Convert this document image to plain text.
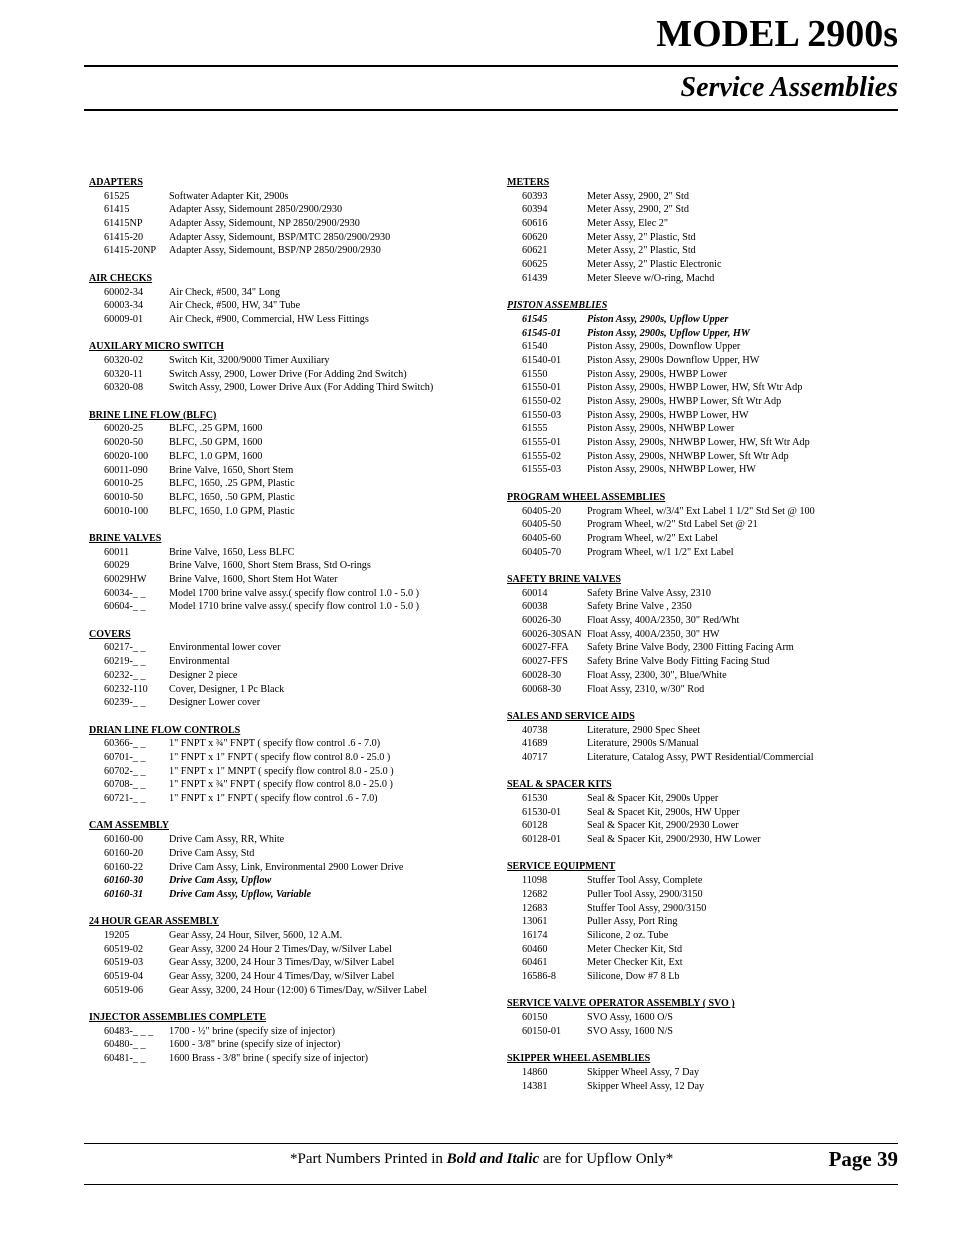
MODEL 2900s
Service Assemblies
ADAPTERS
61525	Softwater Adapter Kit, 2900s
61415	Adapter Assy, Sidemount 2850/2900/2930
61415NP	Adapter Assy, Sidemount, NP 2850/2900/2930
61415-20	Adapter Assy, Sidemount, BSP/MTC 2850/2900/2930
61415-20NP	Adapter Assy, Sidemount, BSP/NP 2850/2900/2930
AIR CHECKS
60002-34	Air Check, #500, 34" Long
60003-34	Air Check, #500, HW, 34" Tube
60009-01	Air Check, #900, Commercial, HW Less Fittings
AUXILARY MICRO SWITCH
60320-02	Switch Kit, 3200/9000 Timer Auxiliary
60320-11	Switch Assy, 2900, Lower Drive (For Adding 2nd Switch)
60320-08	Switch Assy, 2900, Lower Drive Aux (For Adding Third Switch)
BRINE LINE FLOW (BLFC)
60020-25	BLFC, .25 GPM, 1600
60020-50	BLFC, .50 GPM, 1600
60020-100	BLFC, 1.0 GPM, 1600
60011-090	Brine Valve, 1650, Short Stem
60010-25	BLFC, 1650, .25 GPM, Plastic
60010-50	BLFC, 1650, .50 GPM, Plastic
60010-100	BLFC, 1650, 1.0 GPM, Plastic
BRINE VALVES
60011	Brine Valve, 1650, Less BLFC
60029	Brine Valve, 1600, Short Stem Brass, Std O-rings
60029HW	Brine Valve, 1600, Short Stem Hot Water
60034-_ _	Model 1700 brine valve assy.( specify flow control 1.0 - 5.0 )
60604-_ _	Model 1710 brine valve assy.( specify flow control 1.0 - 5.0 )
COVERS
60217-_ _	Environmental lower cover
60219-_ _	Environmental
60232-_ _	Designer 2 piece
60232-110	Cover, Designer, 1 Pc Black
60239-_ _	Designer Lower cover
DRIAN LINE FLOW CONTROLS
60366-_ _	1" FNPT x ¾" FNPT ( specify flow control .6 - 7.0)
60701-_ _	1" FNPT x 1" FNPT ( specify flow control 8.0 - 25.0 )
60702-_ _	1" FNPT x 1" MNPT ( specify flow control 8.0 - 25.0 )
60708-_ _	1" FNPT x ¾" FNPT ( specify flow control 8.0 - 25.0 )
60721-_ _	1" FNPT x 1" FNPT ( specify flow control .6 - 7.0)
CAM ASSEMBLY
60160-00	Drive Cam Assy, RR, White
60160-20	Drive Cam Assy, Std
60160-22	Drive Cam Assy, Link, Environmental 2900 Lower Drive
60160-30	Drive Cam Assy, Upflow
60160-31	Drive Cam Assy, Upflow, Variable
24 HOUR GEAR ASSEMBLY
19205	Gear Assy, 24 Hour, Silver, 5600, 12 A.M.
60519-02	Gear Assy, 3200 24 Hour 2 Times/Day, w/Silver Label
60519-03	Gear Assy, 3200, 24 Hour 3 Times/Day, w/Silver Label
60519-04	Gear Assy, 3200, 24 Hour 4 Times/Day, w/Silver Label
60519-06	Gear Assy, 3200, 24 Hour (12:00) 6 Times/Day, w/Silver Label
INJECTOR ASSEMBLIES COMPLETE
60483-_ _ _	1700 - ½" brine (specify size of injector)
60480-_ _	1600 - 3/8" brine (specify size of injector)
60481-_ _	1600 Brass - 3/8" brine ( specify size of injector)
METERS
60393	Meter Assy, 2900, 2" Std
60394	Meter Assy, 2900, 2" Std
60616	Meter Assy, Elec 2"
60620	Meter Assy, 2" Plastic, Std
60621	Meter Assy, 2" Plastic, Std
60625	Meter Assy, 2" Plastic Electronic
61439	Meter Sleeve w/O-ring, Machd
PISTON ASSEMBLIES
61545	Piston Assy, 2900s, Upflow Upper
61545-01	Piston Assy, 2900s, Upflow Upper, HW
61540	Piston Assy, 2900s, Downflow Upper
61540-01	Piston Assy, 2900s Downflow Upper, HW
61550	Piston Assy, 2900s, HWBP Lower
61550-01	Piston Assy, 2900s, HWBP Lower, HW, Sft Wtr Adp
61550-02	Piston Assy, 2900s, HWBP Lower, Sft Wtr Adp
61550-03	Piston Assy, 2900s, HWBP Lower, HW
61555	Piston Assy, 2900s, NHWBP Lower
61555-01	Piston Assy, 2900s, NHWBP Lower, HW, Sft Wtr Adp
61555-02	Piston Assy, 2900s, NHWBP Lower, Sft Wtr Adp
61555-03	Piston Assy, 2900s, NHWBP Lower, HW
PROGRAM WHEEL ASSEMBLIES
60405-20	Program Wheel, w/3/4" Ext Label 1 1/2" Std Set @ 100
60405-50	Program Wheel, w/2" Std Label Set @ 21
60405-60	Program Wheel, w/2" Ext Label
60405-70	Program Wheel, w/1 1/2" Ext Label
SAFETY BRINE VALVES
60014	Safety Brine Valve Assy, 2310
60038	Safety Brine Valve , 2350
60026-30	Float Assy, 400A/2350, 30" Red/Wht
60026-30SAN Float Assy, 400A/2350, 30" HW
60027-FFA	Safety Brine Valve Body, 2300 Fitting Facing Arm
60027-FFS	Safety Brine Valve Body Fitting Facing Stud
60028-30	Float Assy, 2300, 30", Blue/White
60068-30	Float Assy, 2310, w/30" Rod
SALES AND SERVICE AIDS
40738	Literature, 2900 Spec Sheet
41689	Literature, 2900s S/Manual
40717	Literature, Catalog Assy, PWT Residential/Commercial
SEAL & SPACER KITS
61530	Seal & Spacer Kit, 2900s Upper
61530-01	Seal & Spacet Kit, 2900s, HW Upper
60128	Seal & Spacer Kit, 2900/2930 Lower
60128-01	Seal & Spacer Kit, 2900/2930, HW Lower
SERVICE EQUIPMENT
11098	Stuffer Tool Assy, Complete
12682	Puller Tool Assy, 2900/3150
12683	Stuffer Tool Assy, 2900/3150
13061	Puller Assy, Port Ring
16174	Silicone, 2 oz. Tube
60460	Meter Checker Kit, Std
60461	Meter Checker Kit, Ext
16586-8	Silicone, Dow #7 8 Lb
SERVICE VALVE OPERATOR ASSEMBLY ( SVO )
60150	SVO Assy, 1600 O/S
60150-01	SVO Assy, 1600 N/S
SKIPPER WHEEL ASEMBLIES
14860	Skipper Wheel Assy, 7 Day
14381	Skipper Wheel Assy, 12 Day
*Part Numbers Printed in Bold and Italic are for Upflow Only*	Page 39
